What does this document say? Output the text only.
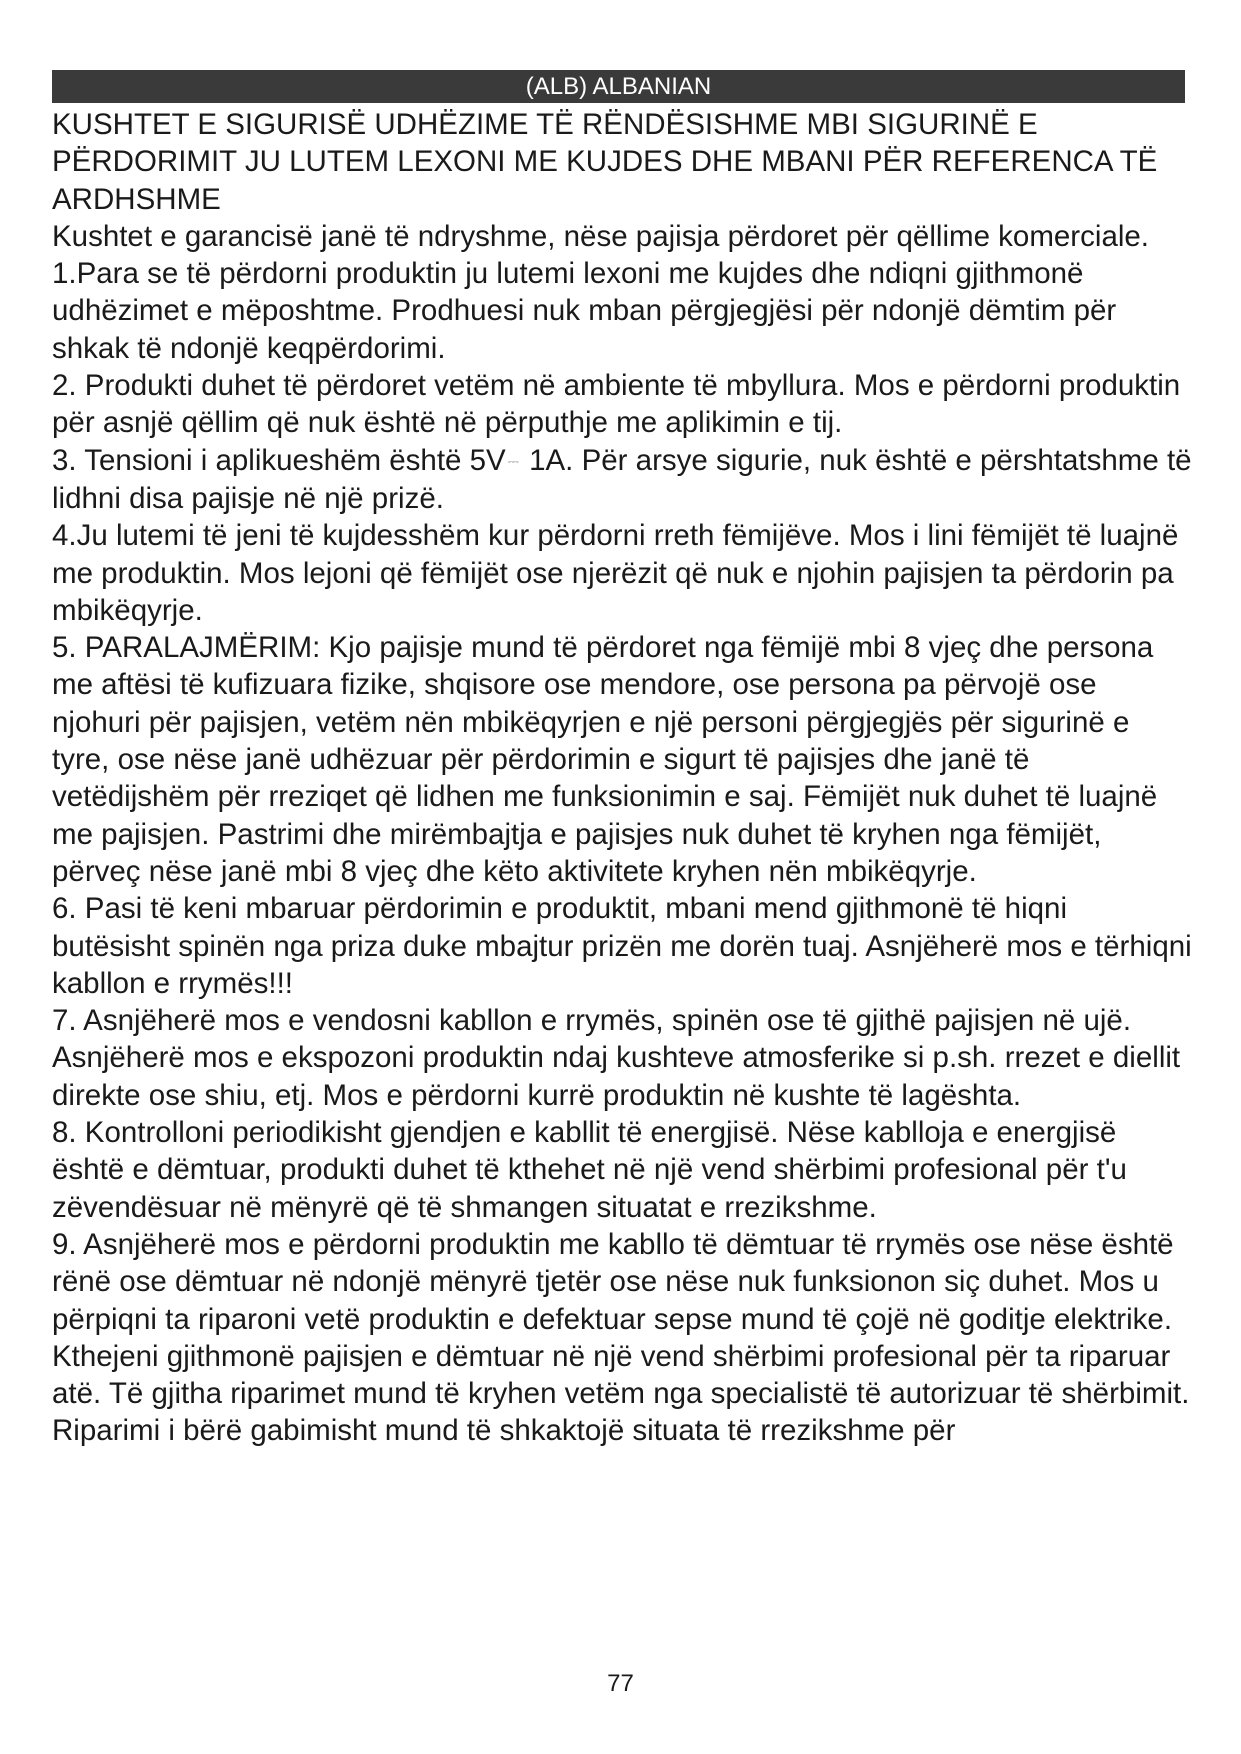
(ALB) ALBANIAN

KUSHTET E SIGURISË UDHËZIME TË RËNDËSISHME MBI SIGURINË E PËRDORIMIT JU LUTEM LEXONI ME KUJDES DHE MBANI PËR REFERENCA TË ARDHSHME

Kushtet e garancisë janë të ndryshme, nëse pajisja përdoret për qëllime komerciale.

1.Para se të përdorni produktin ju lutemi lexoni me kujdes dhe ndiqni gjithmonë udhëzimet e mëposhtme. Prodhuesi nuk mban përgjegjësi për ndonjë dëmtim për shkak të ndonjë keqpërdorimi.

2. Produkti duhet të përdoret vetëm në ambiente të mbyllura. Mos e përdorni produktin për asnjë qëllim që nuk është në përputhje me aplikimin e tij.

3. Tensioni i aplikueshëm është 5V ⎓ 1A. Për arsye sigurie, nuk është e përshtatshme të lidhni disa pajisje në një prizë.

4.Ju lutemi të jeni të kujdesshëm kur përdorni rreth fëmijëve. Mos i lini fëmijët të luajnë me produktin. Mos lejoni që fëmijët ose njerëzit që nuk e njohin pajisjen ta përdorin pa mbikëqyrje.

5. PARALAJMËRIM: Kjo pajisje mund të përdoret nga fëmijë mbi 8 vjeç dhe persona me aftësi të kufizuara fizike, shqisore ose mendore, ose persona pa përvojë ose njohuri për pajisjen, vetëm nën mbikëqyrjen e një personi përgjegjës për sigurinë e tyre, ose nëse janë udhëzuar për përdorimin e sigurt të pajisjes dhe janë të vetëdijshëm për rreziqet që lidhen me funksionimin e saj. Fëmijët nuk duhet të luajnë me pajisjen. Pastrimi dhe mirëmbajtja e pajisjes nuk duhet të kryhen nga fëmijët, përveç nëse janë mbi 8 vjeç dhe këto aktivitete kryhen nën mbikëqyrje.

6. Pasi të keni mbaruar përdorimin e produktit, mbani mend gjithmonë të hiqni butësisht spinën nga priza duke mbajtur prizën me dorën tuaj. Asnjëherë mos e tërhiqni kabllon e rrymës!!!

7. Asnjëherë mos e vendosni kabllon e rrymës, spinën ose të gjithë pajisjen në ujë. Asnjëherë mos e ekspozoni produktin ndaj kushteve atmosferike si p.sh. rrezet e diellit direkte ose shiu, etj. Mos e përdorni kurrë produktin në kushte të lagështa.

8. Kontrolloni periodikisht gjendjen e kabllit të energjisë. Nëse kablloja e energjisë është e dëmtuar, produkti duhet të kthehet në një vend shërbimi profesional për t'u zëvendësuar në mënyrë që të shmangen situatat e rrezikshme.

9. Asnjëherë mos e përdorni produktin me kabllo të dëmtuar të rrymës ose nëse është rënë ose dëmtuar në ndonjë mënyrë tjetër ose nëse nuk funksionon siç duhet. Mos u përpiqni ta riparoni vetë produktin e defektuar sepse mund të çojë në goditje elektrike. Kthejeni gjithmonë pajisjen e dëmtuar në një vend shërbimi profesional për ta riparuar atë. Të gjitha riparimet mund të kryhen vetëm nga specialistë të autorizuar të shërbimit. Riparimi i bërë gabimisht mund të shkaktojë situata të rrezikshme për

77
